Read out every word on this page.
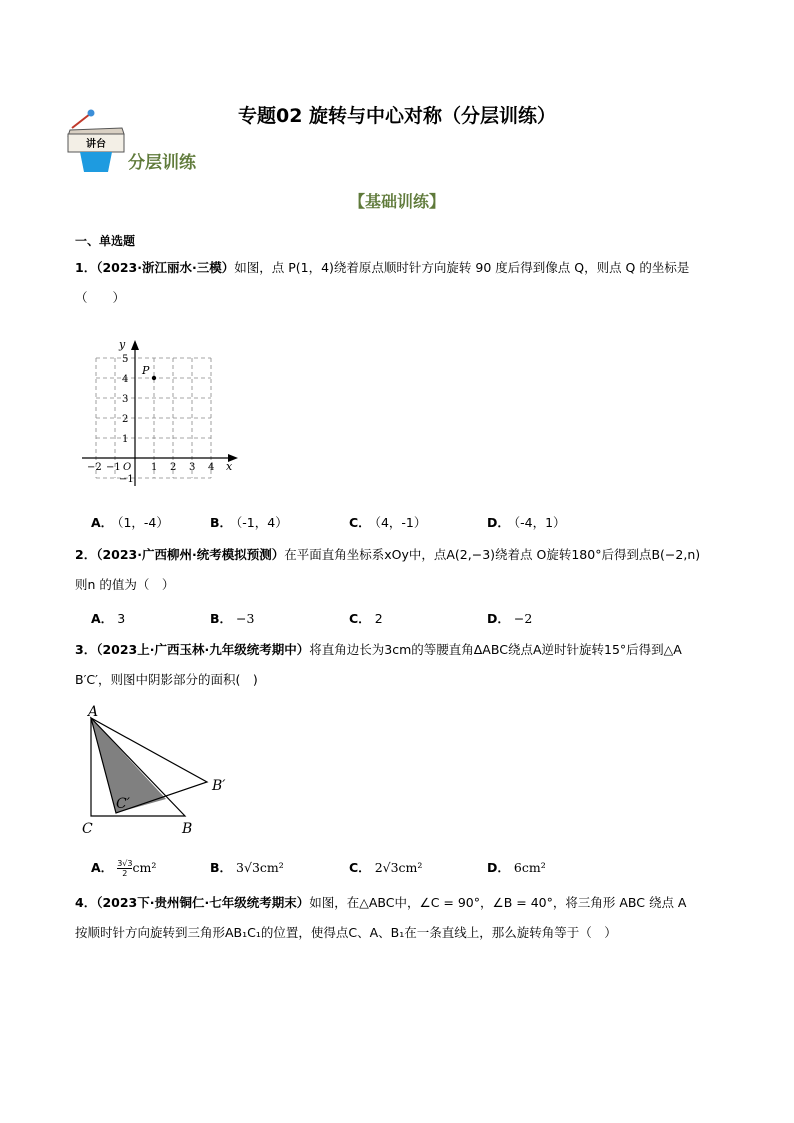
专题02 旋转与中心对称（分层训练）
讲台
分层训练
【基础训练】
一、单选题
1．（2023·浙江丽水·三模）如图，点 P(1，4)绕着原点顺时针方向旋转 90 度后得到像点 Q，则点 Q 的坐标是
（　　）
y
x
5
4
3
2
1
−1
−2 −1	1 2 3 4
O
P
A． （1，-4）	B． （-1，4）	C． （4，-1）	D． （-4，1）
2．（2023·广西柳州·统考模拟预测）在平面直角坐标系xOy中，点A(2,−3)绕着点 O旋转180°后得到点B(−2,n)
则n 的值为（　）
A． 3	B． −3	C． 2	D． −2
3．（2023上·广西玉林·九年级统考期中）将直角边长为3cm的等腰直角ΔABC绕点A逆时针旋转15°后得到△A
B′C′，则图中阴影部分的面积(　)
A
B′
C′
C	B
A． $\frac{3√3}{2} cm^2$	B． 3√3cm²	C． 2√3cm²	D． 6cm²
4．（2023下·贵州铜仁·七年级统考期末）如图，在△ABC中，∠C = 90°，∠B = 40°，将三角形 ABC 绕点 A
按顺时针方向旋转到三角形AB₁C₁的位置，使得点C、A、B₁在一条直线上，那么旋转角等于（　）
